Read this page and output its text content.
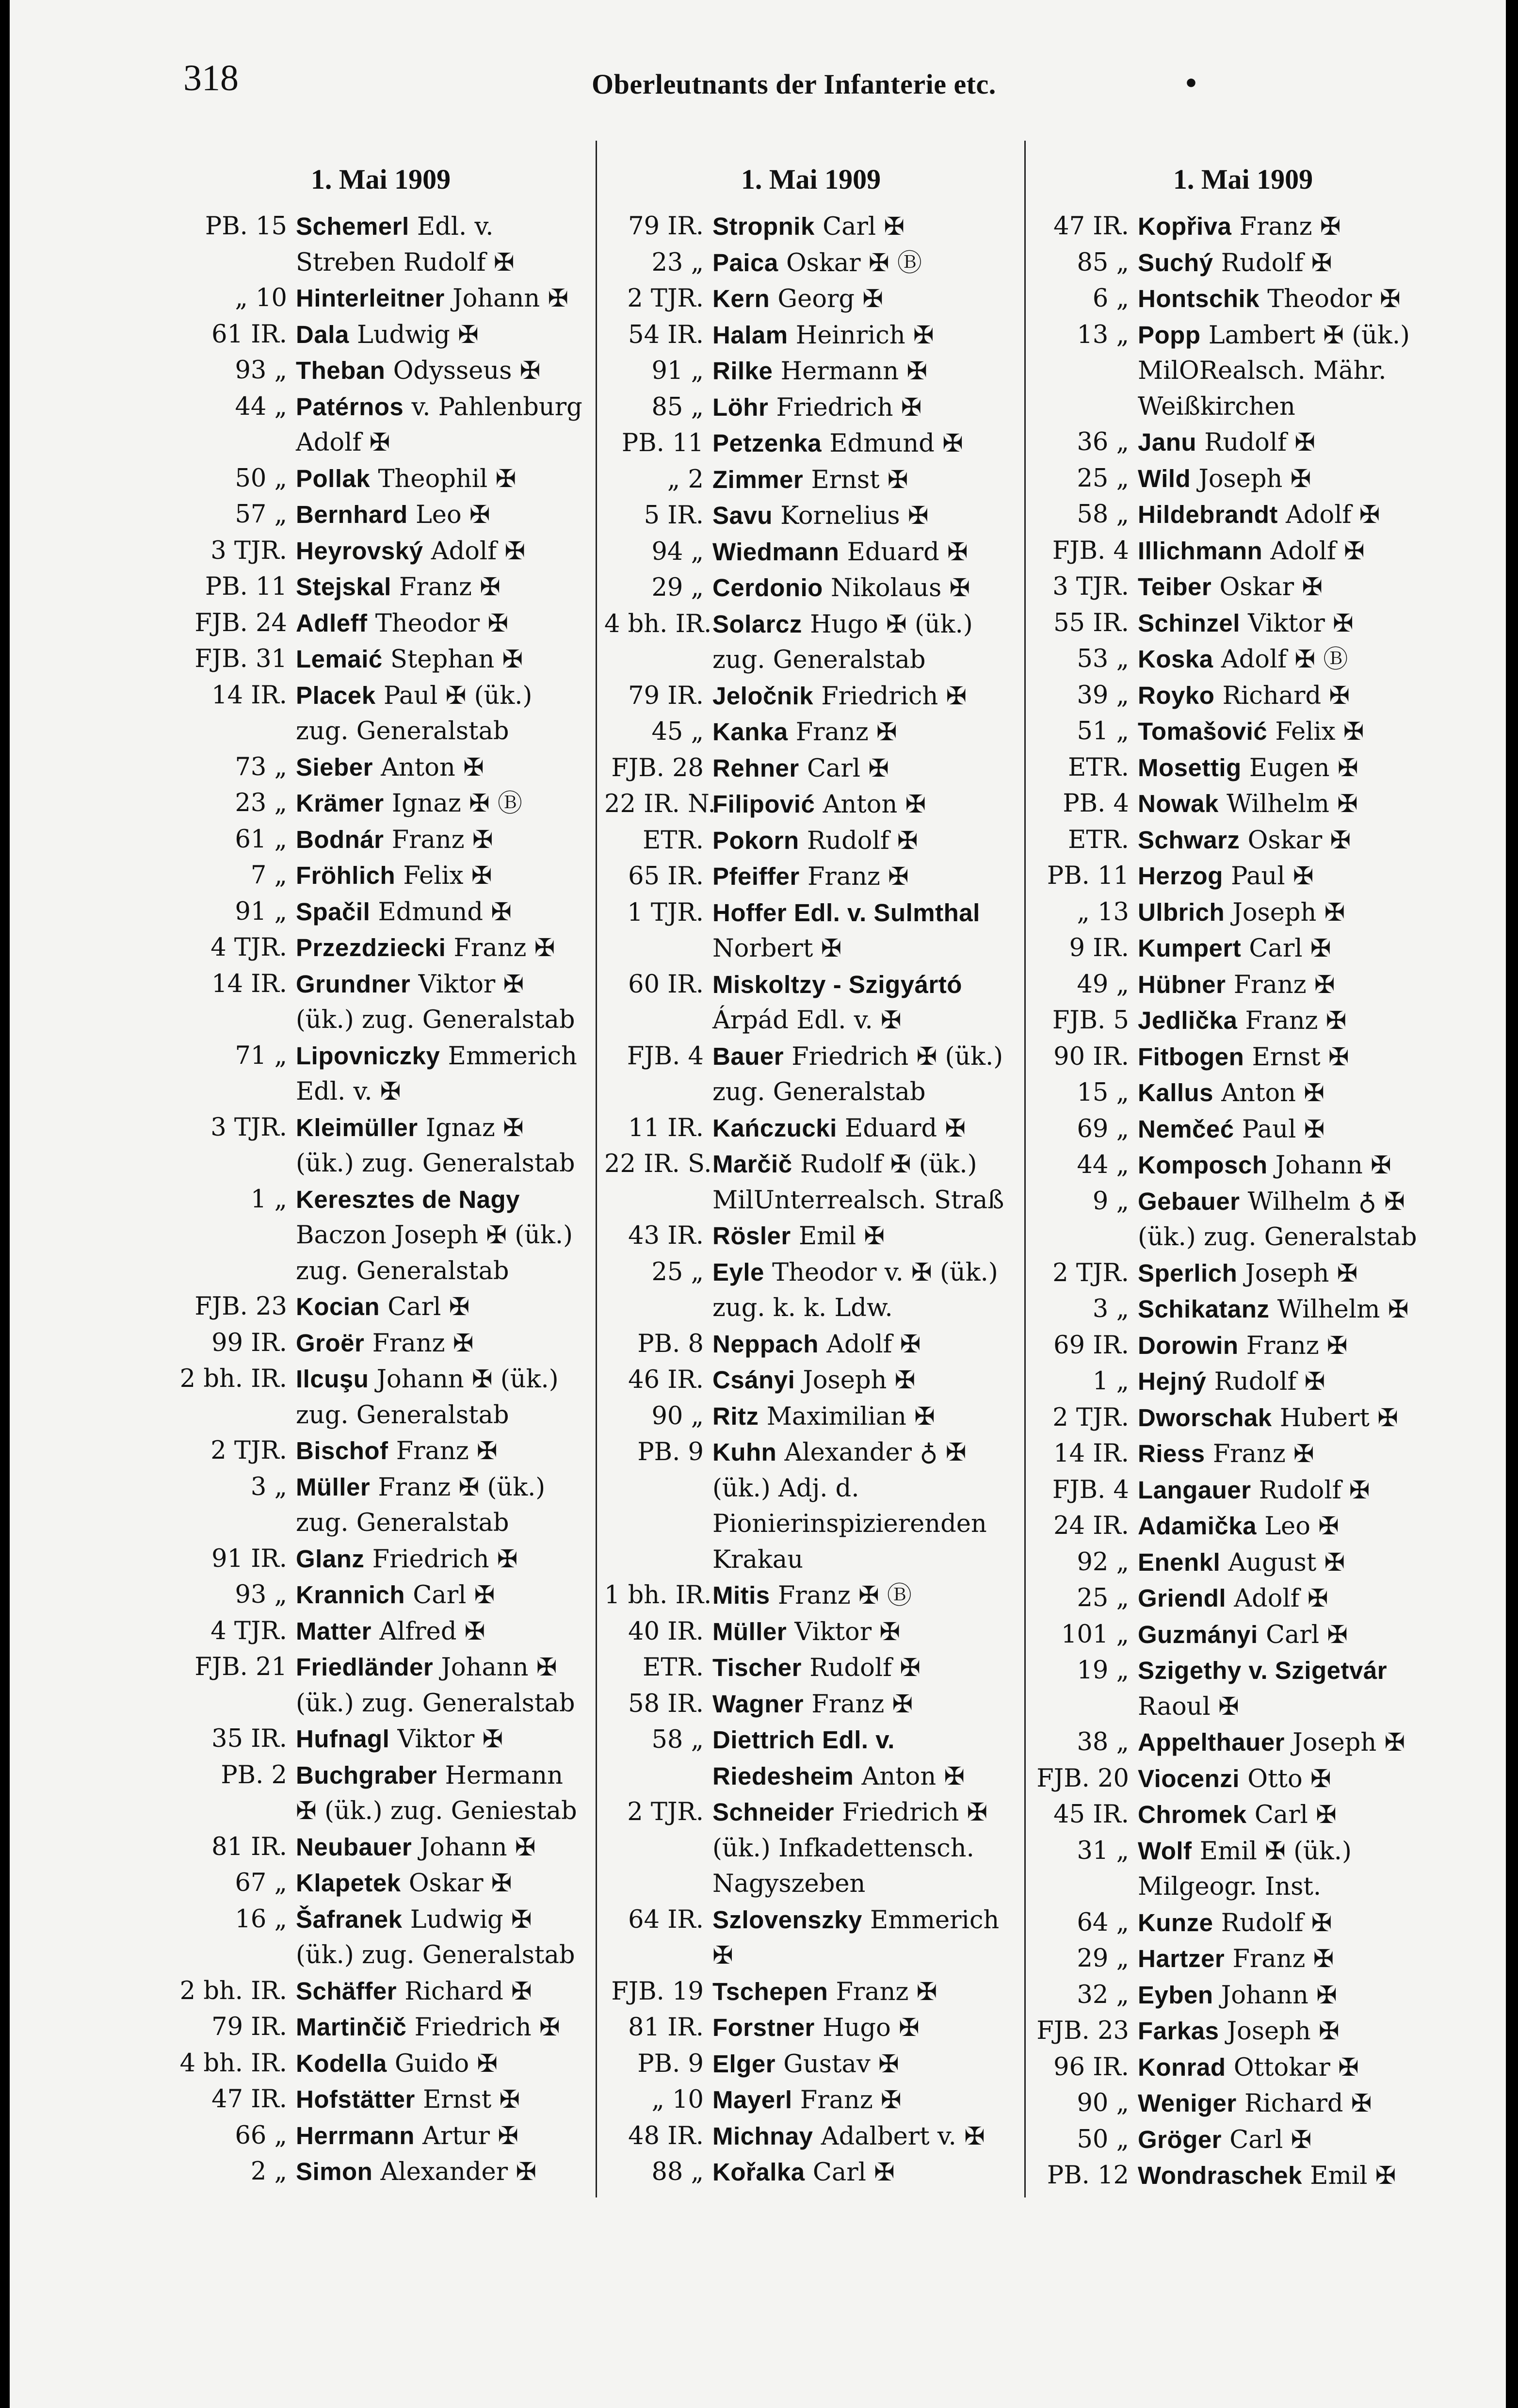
318	Oberleutnants der Infanterie etc.	•
1. Mai 1909
PB. 15 Schemerl Edl. v. Streben Rudolf ✠
„ 10 Hinterleitner Johann ✠
61 IR. Dala Ludwig ✠
93 „ Theban Odysseus ✠
44 „ Patérnos v. Pahlenburg Adolf ✠
50 „ Pollak Theophil ✠
57 „ Bernhard Leo ✠
3 TJR. Heyrovský Adolf ✠
PB. 11 Stejskal Franz ✠
FJB. 24 Adleff Theodor ✠
FJB. 31 Lemaić Stephan ✠
14 IR. Placek Paul ✠ (ük.) zug. Generalstab
73 „ Sieber Anton ✠
23 „ Krämer Ignaz ✠ Ⓑ
61 „ Bodnár Franz ✠
7 „ Fröhlich Felix ✠
91 „ Spačil Edmund ✠
4 TJR. Przezdziecki Franz ✠
14 IR. Grundner Viktor ✠ (ük.) zug. Generalstab
71 „ Lipovniczky Emmerich Edl. v. ✠
3 TJR. Kleimüller Ignaz ✠ (ük.) zug. Generalstab
1 „ Keresztes de Nagy Baczon Joseph ✠ (ük.) zug. Generalstab
FJB. 23 Kocian Carl ✠
99 IR. Groër Franz ✠
2 bh. IR. Ilcuşu Johann ✠ (ük.) zug. Generalstab
2 TJR. Bischof Franz ✠
3 „ Müller Franz ✠ (ük.) zug. Generalstab
91 IR. Glanz Friedrich ✠
93 „ Krannich Carl ✠
4 TJR. Matter Alfred ✠
FJB. 21 Friedländer Johann ✠ (ük.) zug. Generalstab
35 IR. Hufnagl Viktor ✠
PB. 2 Buchgraber Hermann ✠ (ük.) zug. Geniestab
81 IR. Neubauer Johann ✠
67 „ Klapetek Oskar ✠
16 „ Šafranek Ludwig ✠ (ük.) zug. Generalstab
2 bh. IR. Schäffer Richard ✠
79 IR. Martinčič Friedrich ✠
4 bh. IR. Kodella Guido ✠
47 IR. Hofstätter Ernst ✠
66 „ Herrmann Artur ✠
2 „ Simon Alexander ✠
1. Mai 1909
79 IR. Stropnik Carl ✠
23 „ Paica Oskar ✠ Ⓑ
2 TJR. Kern Georg ✠
54 IR. Halam Heinrich ✠
91 „ Rilke Hermann ✠
85 „ Löhr Friedrich ✠
PB. 11 Petzenka Edmund ✠
„ 2 Zimmer Ernst ✠
5 IR. Savu Kornelius ✠
94 „ Wiedmann Eduard ✠
29 „ Cerdonio Nikolaus ✠
4 bh. IR. Solarcz Hugo ✠ (ük.) zug. Generalstab
79 IR. Jeločnik Friedrich ✠
45 „ Kanka Franz ✠
FJB. 28 Rehner Carl ✠
22 IR. N.
Filipović Anton ✠
ETR. Pokorn Rudolf ✠
65 IR. Pfeiffer Franz ✠
1 TJR. Hoffer Edl. v. Sulmthal Norbert ✠
60 IR. Miskoltzy - Szigyártó Árpád Edl. v. ✠
FJB. 4 Bauer Friedrich ✠ (ük.) zug. Generalstab
11 IR. Kańczucki Eduard ✠
22 IR. S. Marčič Rudolf ✠ (ük.) MilUnterrealsch. Straß
43 IR. Rösler Emil ✠
25 „ Eyle Theodor v. ✠ (ük.) zug. k. k. Ldw.
PB. 8 Neppach Adolf ✠
46 IR. Csányi Joseph ✠
90 „ Ritz Maximilian ✠
PB. 9 Kuhn Alexander ♁ ✠ (ük.) Adj. d. Pionierinspizierenden Krakau
1 bh. IR. Mitis Franz ✠ Ⓑ
40 IR. Müller Viktor ✠
ETR. Tischer Rudolf ✠
58 IR. Wagner Franz ✠
58 „ Diettrich Edl. v. Riedesheim Anton ✠
2 TJR. Schneider Friedrich ✠ (ük.) Infkadettensch. Nagyszeben
64 IR. Szlovenszky Emmerich ✠
FJB. 19 Tschepen Franz ✠
81 IR. Forstner Hugo ✠
PB. 9 Elger Gustav ✠
„ 10 Mayerl Franz ✠
48 IR. Michnay Adalbert v. ✠
88 „ Kořalka Carl ✠
1. Mai 1909
47 IR. Kopřiva Franz ✠
85 „ Suchý Rudolf ✠
6 „ Hontschik Theodor ✠
13 „ Popp Lambert ✠ (ük.) MilORealsch. Mähr. Weißkirchen
36 „ Janu Rudolf ✠
25 „ Wild Joseph ✠
58 „ Hildebrandt Adolf ✠
FJB. 4 Illichmann Adolf ✠
3 TJR. Teiber Oskar ✠
55 IR. Schinzel Viktor ✠
53 „ Koska Adolf ✠ Ⓑ
39 „ Royko Richard ✠
51 „ Tomašović Felix ✠
ETR. Mosettig Eugen ✠
PB. 4 Nowak Wilhelm ✠
ETR. Schwarz Oskar ✠
PB. 11 Herzog Paul ✠
„ 13 Ulbrich Joseph ✠
9 IR. Kumpert Carl ✠
49 „ Hübner Franz ✠
FJB. 5 Jedlička Franz ✠
90 IR. Fitbogen Ernst ✠
15 „ Kallus Anton ✠
69 „ Nemčeć Paul ✠
44 „ Komposch Johann ✠
9 „ Gebauer Wilhelm ♁ ✠ (ük.) zug. Generalstab
2 TJR. Sperlich Joseph ✠
3 „ Schikatanz Wilhelm ✠
69 IR. Dorowin Franz ✠
1 „ Hejný Rudolf ✠
2 TJR. Dworschak Hubert ✠
14 IR. Riess Franz ✠
FJB. 4 Langauer Rudolf ✠
24 IR. Adamička Leo ✠
92 „ Enenkl August ✠
25 „ Griendl Adolf ✠
101 „ Guzmányi Carl ✠
19 „ Szigethy v. Szigetvár Raoul ✠
38 „ Appelthauer Joseph ✠
FJB. 20 Viocenzi Otto ✠
45 IR. Chromek Carl ✠
31 „ Wolf Emil ✠ (ük.) Milgeogr. Inst.
64 „ Kunze Rudolf ✠
29 „ Hartzer Franz ✠
32 „ Eyben Johann ✠
FJB. 23 Farkas Joseph ✠
96 IR. Konrad Ottokar ✠
90 „ Weniger Richard ✠
50 „ Gröger Carl ✠
PB. 12 Wondraschek Emil ✠
